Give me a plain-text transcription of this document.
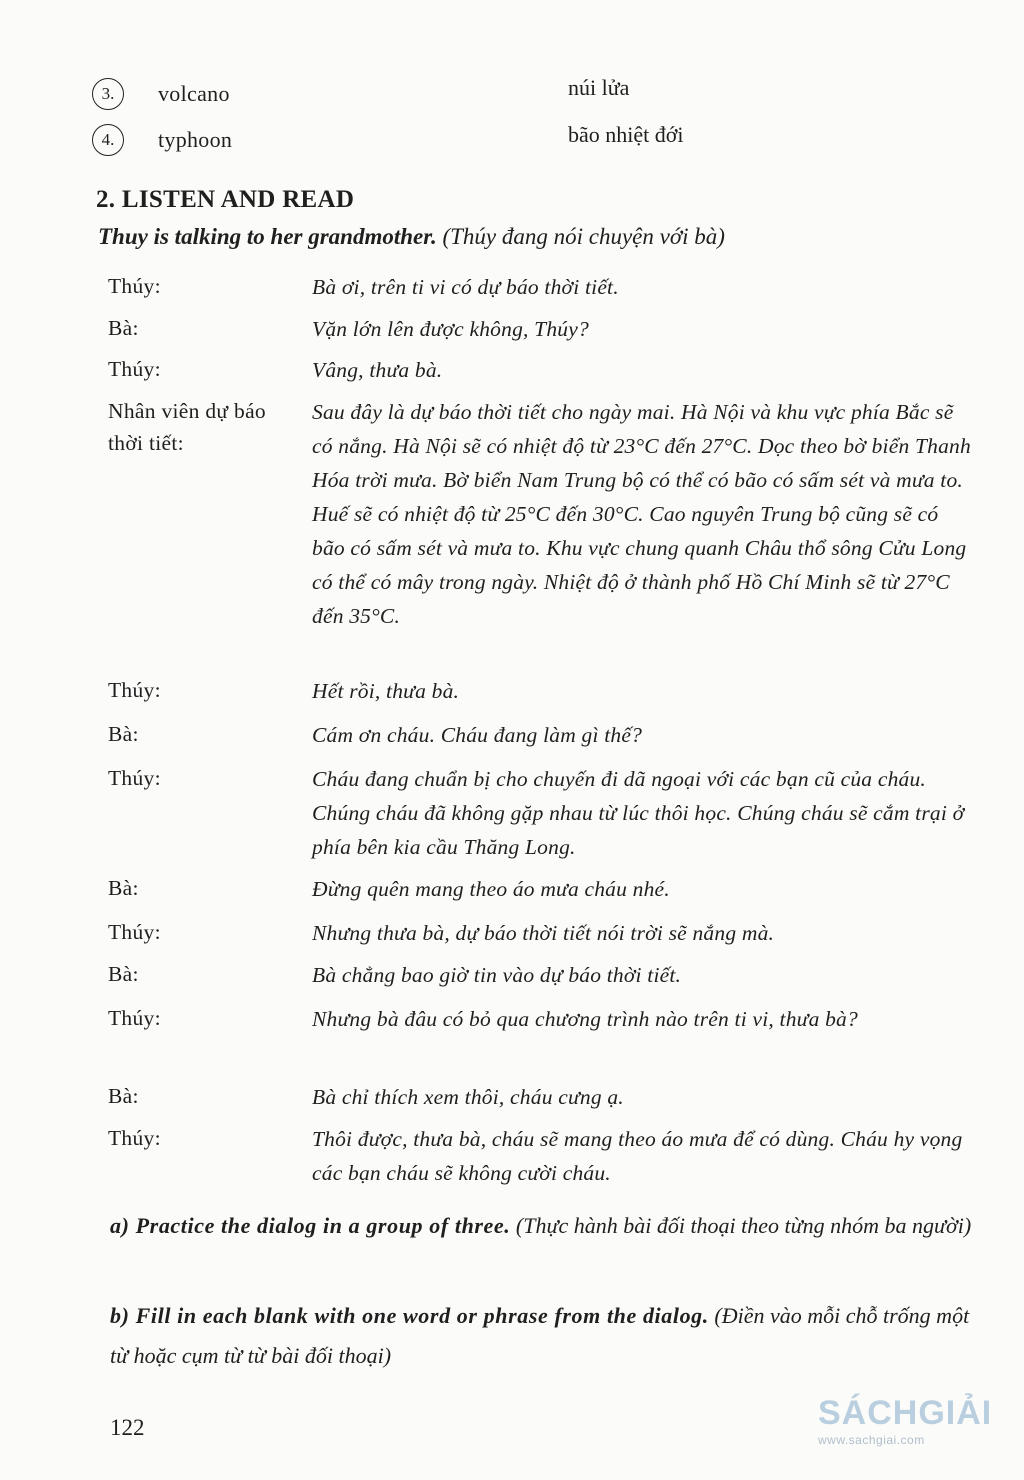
3.	volcano	núi lửa
4.	typhoon	bão nhiệt đới
2. LISTEN AND READ
Thuy is talking to her grandmother. (Thúy đang nói chuyện với bà)
Thúy:	Bà ơi, trên ti vi có dự báo thời tiết.
Bà:	Vặn lớn lên được không, Thúy?
Thúy:	Vâng, thưa bà.
Nhân viên dự báo thời tiết:
Sau đây là dự báo thời tiết cho ngày mai. Hà Nội và khu vực phía Bắc sẽ có nắng. Hà Nội sẽ có nhiệt độ từ 23°C đến 27°C. Dọc theo bờ biển Thanh Hóa trời mưa. Bờ biển Nam Trung bộ có thể có bão có sấm sét và mưa to. Huế sẽ có nhiệt độ từ 25°C đến 30°C. Cao nguyên Trung bộ cũng sẽ có bão có sấm sét và mưa to. Khu vực chung quanh Châu thổ sông Cửu Long có thể có mây trong ngày. Nhiệt độ ở thành phố Hồ Chí Minh sẽ từ 27°C đến 35°C.
Thúy:	Hết rồi, thưa bà.
Bà:	Cám ơn cháu. Cháu đang làm gì thế?
Thúy:	Cháu đang chuẩn bị cho chuyến đi dã ngoại với các bạn cũ của cháu. Chúng cháu đã không gặp nhau từ lúc thôi học. Chúng cháu sẽ cắm trại ở phía bên kia cầu Thăng Long.
Bà:	Đừng quên mang theo áo mưa cháu nhé.
Thúy:	Nhưng thưa bà, dự báo thời tiết nói trời sẽ nắng mà.
Bà:	Bà chẳng bao giờ tin vào dự báo thời tiết.
Thúy:	Nhưng bà đâu có bỏ qua chương trình nào trên ti vi, thưa bà?
Bà:	Bà chỉ thích xem thôi, cháu cưng ạ.
Thúy:	Thôi được, thưa bà, cháu sẽ mang theo áo mưa để có dùng. Cháu hy vọng các bạn cháu sẽ không cười cháu.
a) Practice the dialog in a group of three. (Thực hành bài đối thoại theo từng nhóm ba người)
b) Fill in each blank with one word or phrase from the dialog. (Điền vào mỗi chỗ trống một từ hoặc cụm từ từ bài đối thoại)
122	SÁCHGIẢI
www.sachgiai.com
